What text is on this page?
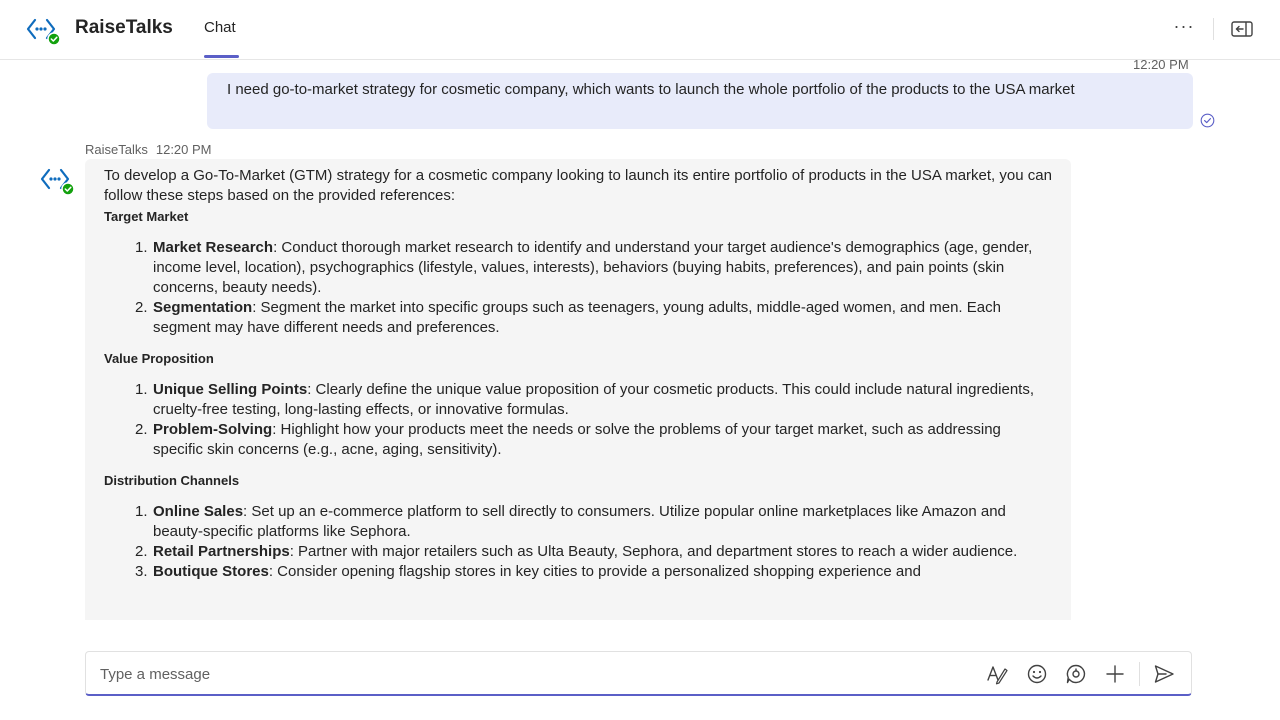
RaiseTalks Chat	···
12:20 PM
I need go-to-market strategy for cosmetic company, which wants to launch the whole portfolio of the products to the USA market
RaiseTalks 12:20 PM
To develop a Go-To-Market (GTM) strategy for a cosmetic company looking to launch its entire portfolio of products in the USA market, you can follow these steps based on the provided references:
Target Market
1. Market Research: Conduct thorough market research to identify and understand your target audience's demographics (age, gender, income level, location), psychographics (lifestyle, values, interests), behaviors (buying habits, preferences), and pain points (skin concerns, beauty needs).
2. Segmentation: Segment the market into specific groups such as teenagers, young adults, middle-aged women, and men. Each segment may have different needs and preferences.
Value Proposition
1. Unique Selling Points: Clearly define the unique value proposition of your cosmetic products. This could include natural ingredients, cruelty-free testing, long-lasting effects, or innovative formulas.
2. Problem-Solving: Highlight how your products meet the needs or solve the problems of your target market, such as addressing specific skin concerns (e.g., acne, aging, sensitivity).
Distribution Channels
1. Online Sales: Set up an e-commerce platform to sell directly to consumers. Utilize popular online marketplaces like Amazon and beauty-specific platforms like Sephora.
2. Retail Partnerships: Partner with major retailers such as Ulta Beauty, Sephora, and department stores to reach a wider audience.
3. Boutique Stores: Consider opening flagship stores in key cities to provide a personalized shopping experience and
Type a message
